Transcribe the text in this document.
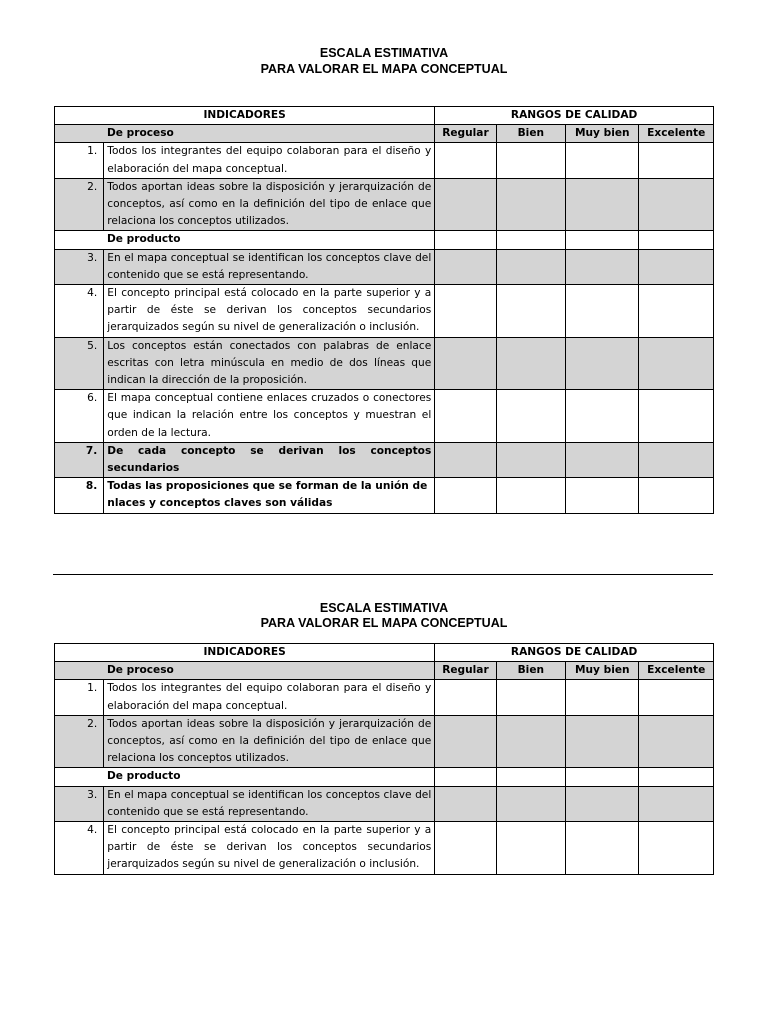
ESCALA ESTIMATIVA
PARA VALORAR EL MAPA CONCEPTUAL
INDICADORES		RANGOS DE CALIDAD			
De proceso		Regular	Bien	Muy bien	Excelente
1.	Todos los integrantes del equipo colaboran para el diseño y elaboración del mapa conceptual.				
2.	Todos aportan ideas sobre la disposición y jerarquización de conceptos, así como en la definición del tipo de enlace que relaciona los conceptos utilizados.				
De producto					
3.	En el mapa conceptual se identifican los conceptos clave del contenido que se está representando.				
4.	El concepto principal está colocado en la parte superior y a partir de éste se derivan los conceptos secundarios jerarquizados según su nivel de generalización o inclusión.				
5.	Los conceptos están conectados con palabras de enlace escritas con letra minúscula en medio de dos líneas que indican la dirección de la proposición.				
6.	El mapa conceptual contiene enlaces cruzados o conectores que indican la relación entre los conceptos y muestran el orden de la lectura.				
7.	De cada concepto se derivan los conceptos secundarios				
8.	Todas las proposiciones que se forman de la unión de nlaces y conceptos claves son válidas				
ESCALA ESTIMATIVA
PARA VALORAR EL MAPA CONCEPTUAL
INDICADORES		RANGOS DE CALIDAD			
De proceso		Regular	Bien	Muy bien	Excelente
1.	Todos los integrantes del equipo colaboran para el diseño y elaboración del mapa conceptual.				
2.	Todos aportan ideas sobre la disposición y jerarquización de conceptos, así como en la definición del tipo de enlace que relaciona los conceptos utilizados.				
De producto					
3.	En el mapa conceptual se identifican los conceptos clave del contenido que se está representando.				
4.	El concepto principal está colocado en la parte superior y a partir de éste se derivan los conceptos secundarios jerarquizados según su nivel de generalización o inclusión.				
